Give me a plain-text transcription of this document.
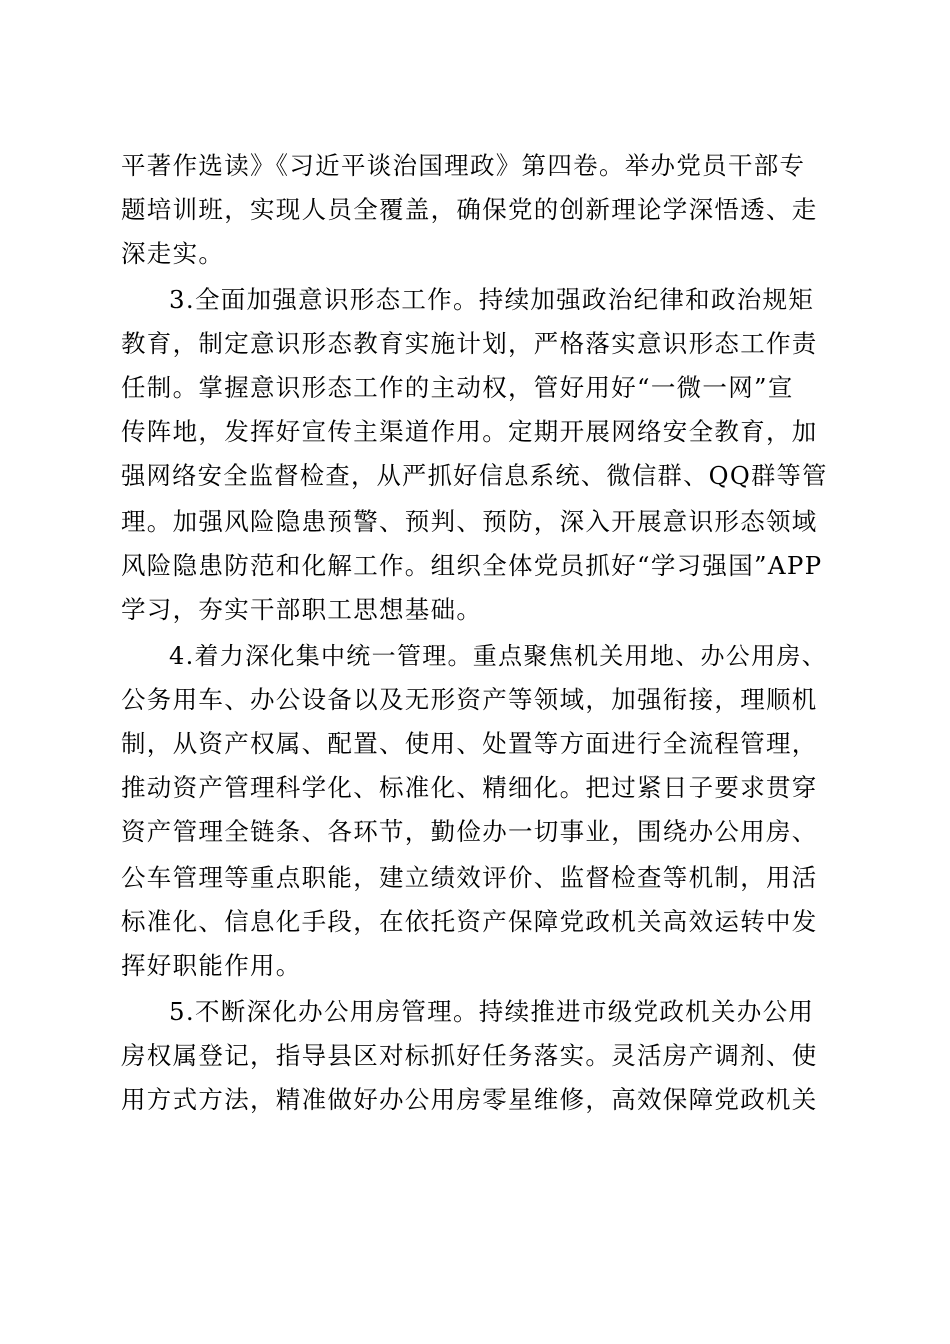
平著作选读》《习近平谈治国理政》第四卷。举办党员干部专
题培训班，实现人员全覆盖，确保党的创新理论学深悟透、走
深走实。
3.全面加强意识形态工作。持续加强政治纪律和政治规矩
教育，制定意识形态教育实施计划，严格落实意识形态工作责
任制。掌握意识形态工作的主动权，管好用好“一微一网”宣
传阵地，发挥好宣传主渠道作用。定期开展网络安全教育，加
强网络安全监督检查，从严抓好信息系统、微信群、QQ群等管
理。加强风险隐患预警、预判、预防，深入开展意识形态领域
风险隐患防范和化解工作。组织全体党员抓好“学习强国”APP
学习，夯实干部职工思想基础。
4.着力深化集中统一管理。重点聚焦机关用地、办公用房、
公务用车、办公设备以及无形资产等领域，加强衔接，理顺机
制，从资产权属、配置、使用、处置等方面进行全流程管理，
推动资产管理科学化、标准化、精细化。把过紧日子要求贯穿
资产管理全链条、各环节，勤俭办一切事业，围绕办公用房、
公车管理等重点职能，建立绩效评价、监督检查等机制，用活
标准化、信息化手段，在依托资产保障党政机关高效运转中发
挥好职能作用。
5.不断深化办公用房管理。持续推进市级党政机关办公用
房权属登记，指导县区对标抓好任务落实。灵活房产调剂、使
用方式方法，精准做好办公用房零星维修，高效保障党政机关
